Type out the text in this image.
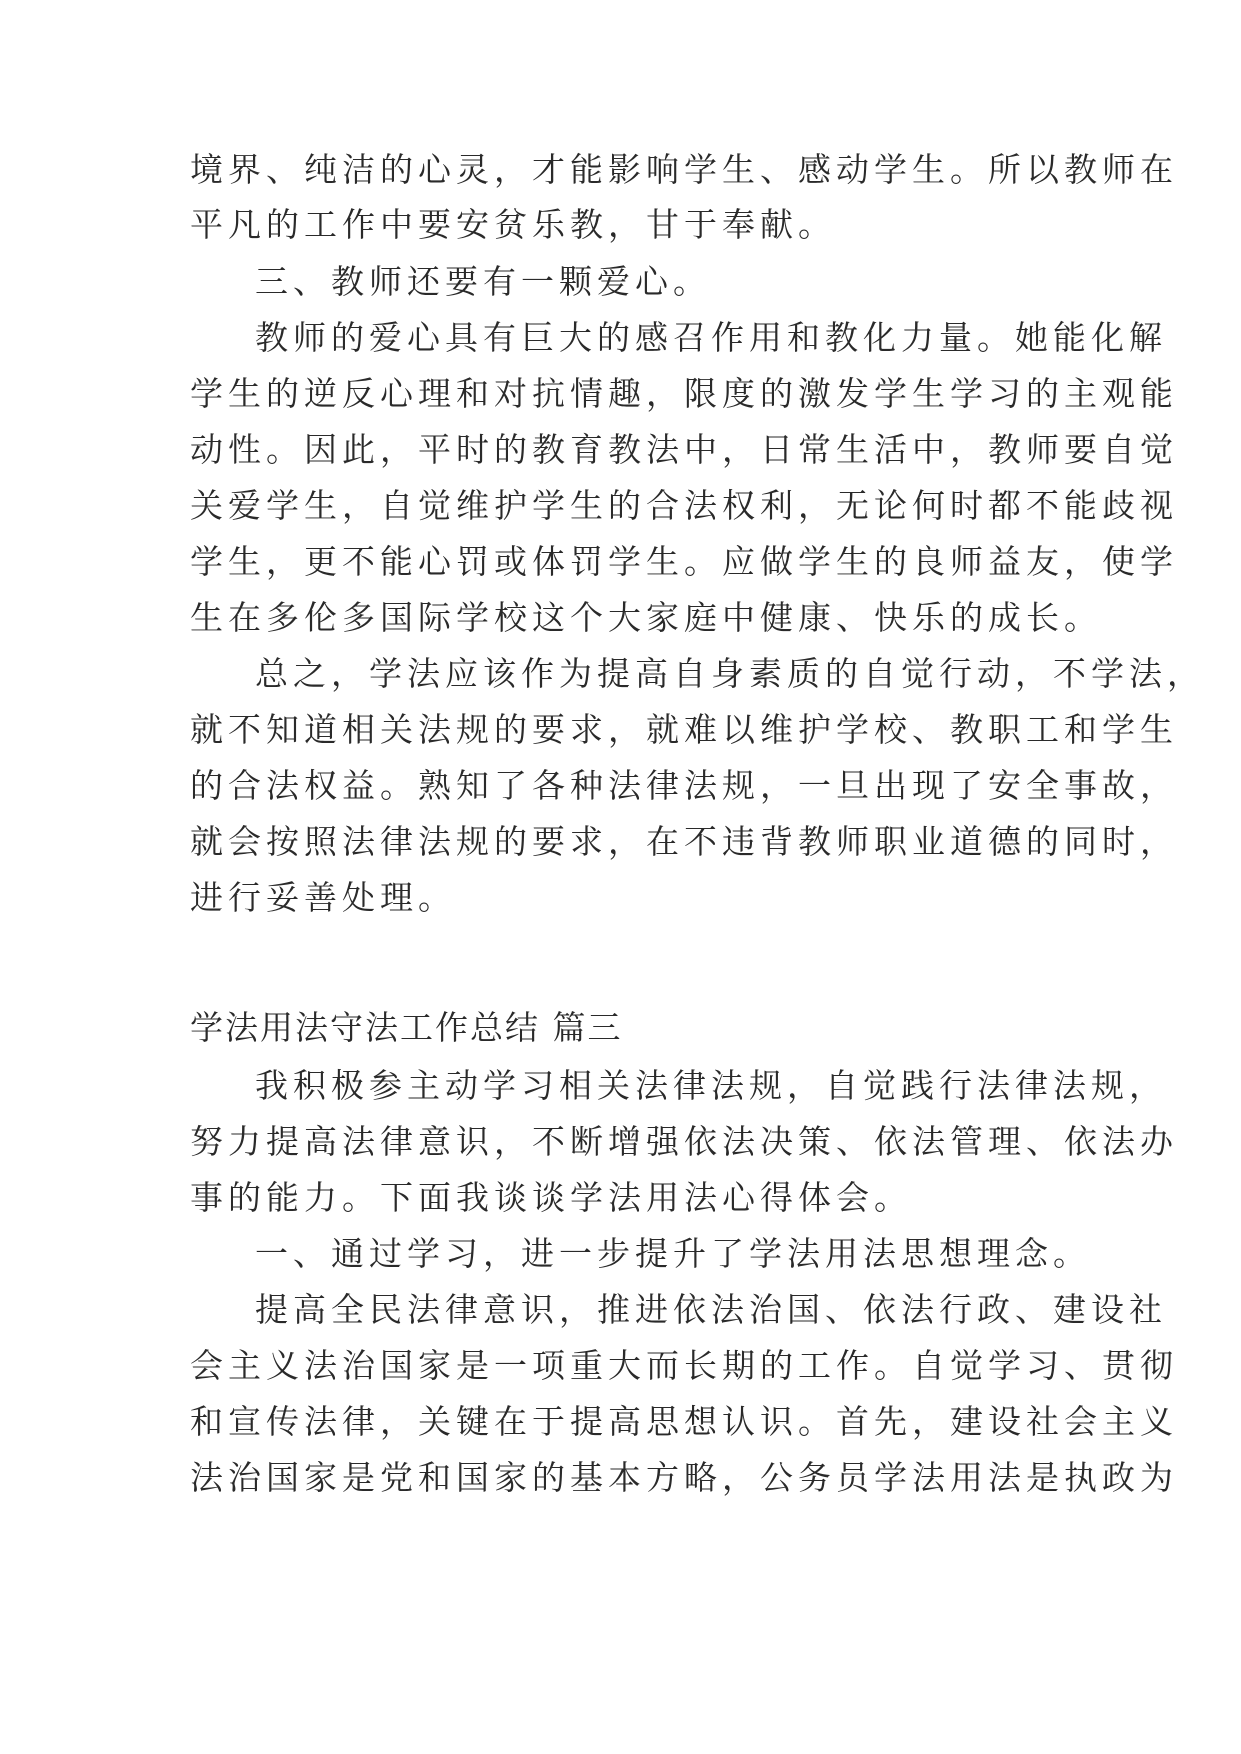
境界、纯洁的心灵，才能影响学生、感动学生。所以教师在
平凡的工作中要安贫乐教，甘于奉献。
三、教师还要有一颗爱心。
教师的爱心具有巨大的感召作用和教化力量。她能化解
学生的逆反心理和对抗情趣，限度的激发学生学习的主观能
动性。因此，平时的教育教法中，日常生活中，教师要自觉
关爱学生，自觉维护学生的合法权利，无论何时都不能歧视
学生，更不能心罚或体罚学生。应做学生的良师益友，使学
生在多伦多国际学校这个大家庭中健康、快乐的成长。
总之，学法应该作为提高自身素质的自觉行动，不学法，
就不知道相关法规的要求，就难以维护学校、教职工和学生
的合法权益。熟知了各种法律法规，一旦出现了安全事故，
就会按照法律法规的要求，在不违背教师职业道德的同时，
进行妥善处理。
学法用法守法工作总结 篇三
我积极参主动学习相关法律法规，自觉践行法律法规，
努力提高法律意识，不断增强依法决策、依法管理、依法办
事的能力。下面我谈谈学法用法心得体会。
一、通过学习，进一步提升了学法用法思想理念。
提高全民法律意识，推进依法治国、依法行政、建设社
会主义法治国家是一项重大而长期的工作。自觉学习、贯彻
和宣传法律，关键在于提高思想认识。首先，建设社会主义
法治国家是党和国家的基本方略，公务员学法用法是执政为
